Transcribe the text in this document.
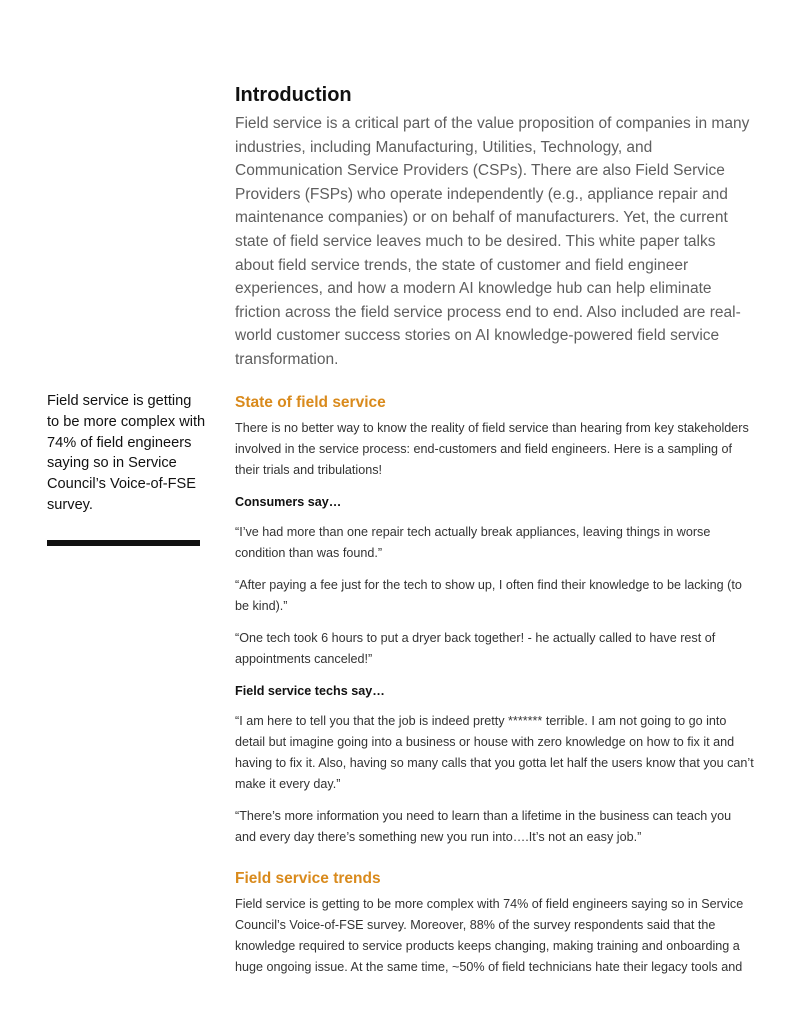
Field service is getting to be more complex with 74% of field engineers saying so in Service Council’s Voice-of-FSE survey.

Introduction

Field service is a critical part of the value proposition of companies in many industries, including Manufacturing, Utilities, Technology, and Communication Service Providers (CSPs). There are also Field Service Providers (FSPs) who operate independently (e.g., appliance repair and maintenance companies) or on behalf of manufacturers. Yet, the current state of field service leaves much to be desired. This white paper talks about field service trends, the state of customer and field engineer experiences, and how a modern AI knowledge hub can help eliminate friction across the field service process end to end. Also included are real-world customer success stories on AI knowledge-powered field service transformation.

State of field service

There is no better way to know the reality of field service than hearing from key stakeholders involved in the service process: end-customers and field engineers. Here is a sampling of their trials and tribulations!

Consumers say…

“I’ve had more than one repair tech actually break appliances, leaving things in worse condition than was found.”

“After paying a fee just for the tech to show up, I often find their knowledge to be lacking (to be kind).”

“One tech took 6 hours to put a dryer back together! - he actually called to have rest of appointments canceled!”

Field service techs say…

“I am here to tell you that the job is indeed pretty ******* terrible. I am not going to go into detail but imagine going into a business or house with zero knowledge on how to fix it and having to fix it. Also, having so many calls that you gotta let half the users know that you can’t make it every day.”

“There’s more information you need to learn than a lifetime in the business can teach you and every day there’s something new you run into….It’s not an easy job.”

Field service trends

Field service is getting to be more complex with 74% of field engineers saying so in Service Council’s Voice-of-FSE survey. Moreover, 88% of the survey respondents said that the knowledge required to service products keeps changing, making training and onboarding a huge ongoing issue. At the same time, ~50% of field technicians hate their legacy tools and
